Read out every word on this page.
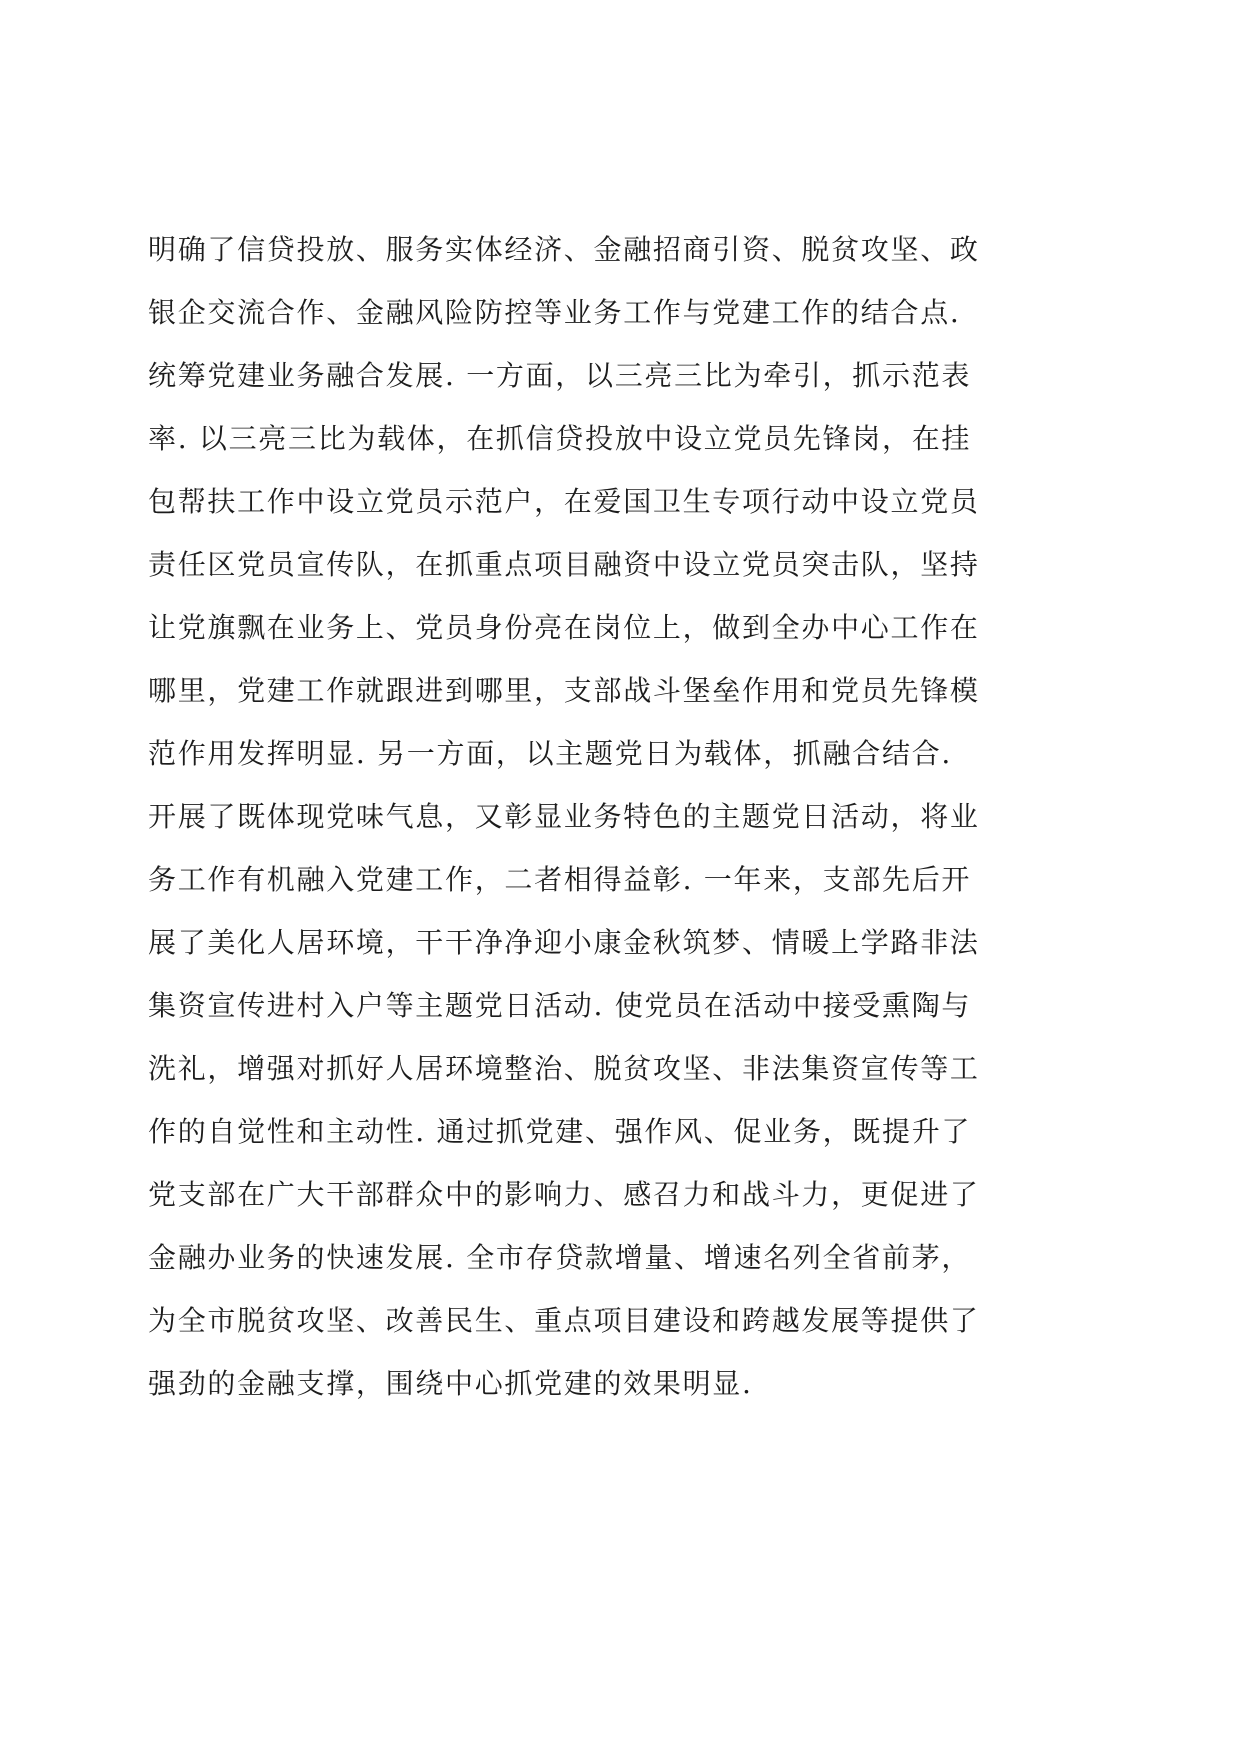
明确了信贷投放、服务实体经济、金融招商引资、脱贫攻坚、政
银企交流合作、金融风险防控等业务工作与党建工作的结合点.
统筹党建业务融合发展. 一方面，以三亮三比为牵引，抓示范表
率. 以三亮三比为载体，在抓信贷投放中设立党员先锋岗，在挂
包帮扶工作中设立党员示范户，在爱国卫生专项行动中设立党员
责任区党员宣传队，在抓重点项目融资中设立党员突击队，坚持
让党旗飘在业务上、党员身份亮在岗位上，做到全办中心工作在
哪里，党建工作就跟进到哪里，支部战斗堡垒作用和党员先锋模
范作用发挥明显. 另一方面，以主题党日为载体，抓融合结合.
开展了既体现党味气息，又彰显业务特色的主题党日活动，将业
务工作有机融入党建工作，二者相得益彰. 一年来，支部先后开
展了美化人居环境，干干净净迎小康金秋筑梦、情暖上学路非法
集资宣传进村入户等主题党日活动. 使党员在活动中接受熏陶与
洗礼，增强对抓好人居环境整治、脱贫攻坚、非法集资宣传等工
作的自觉性和主动性. 通过抓党建、强作风、促业务，既提升了
党支部在广大干部群众中的影响力、感召力和战斗力，更促进了
金融办业务的快速发展. 全市存贷款增量、增速名列全省前茅，
为全市脱贫攻坚、改善民生、重点项目建设和跨越发展等提供了
强劲的金融支撑，围绕中心抓党建的效果明显.
